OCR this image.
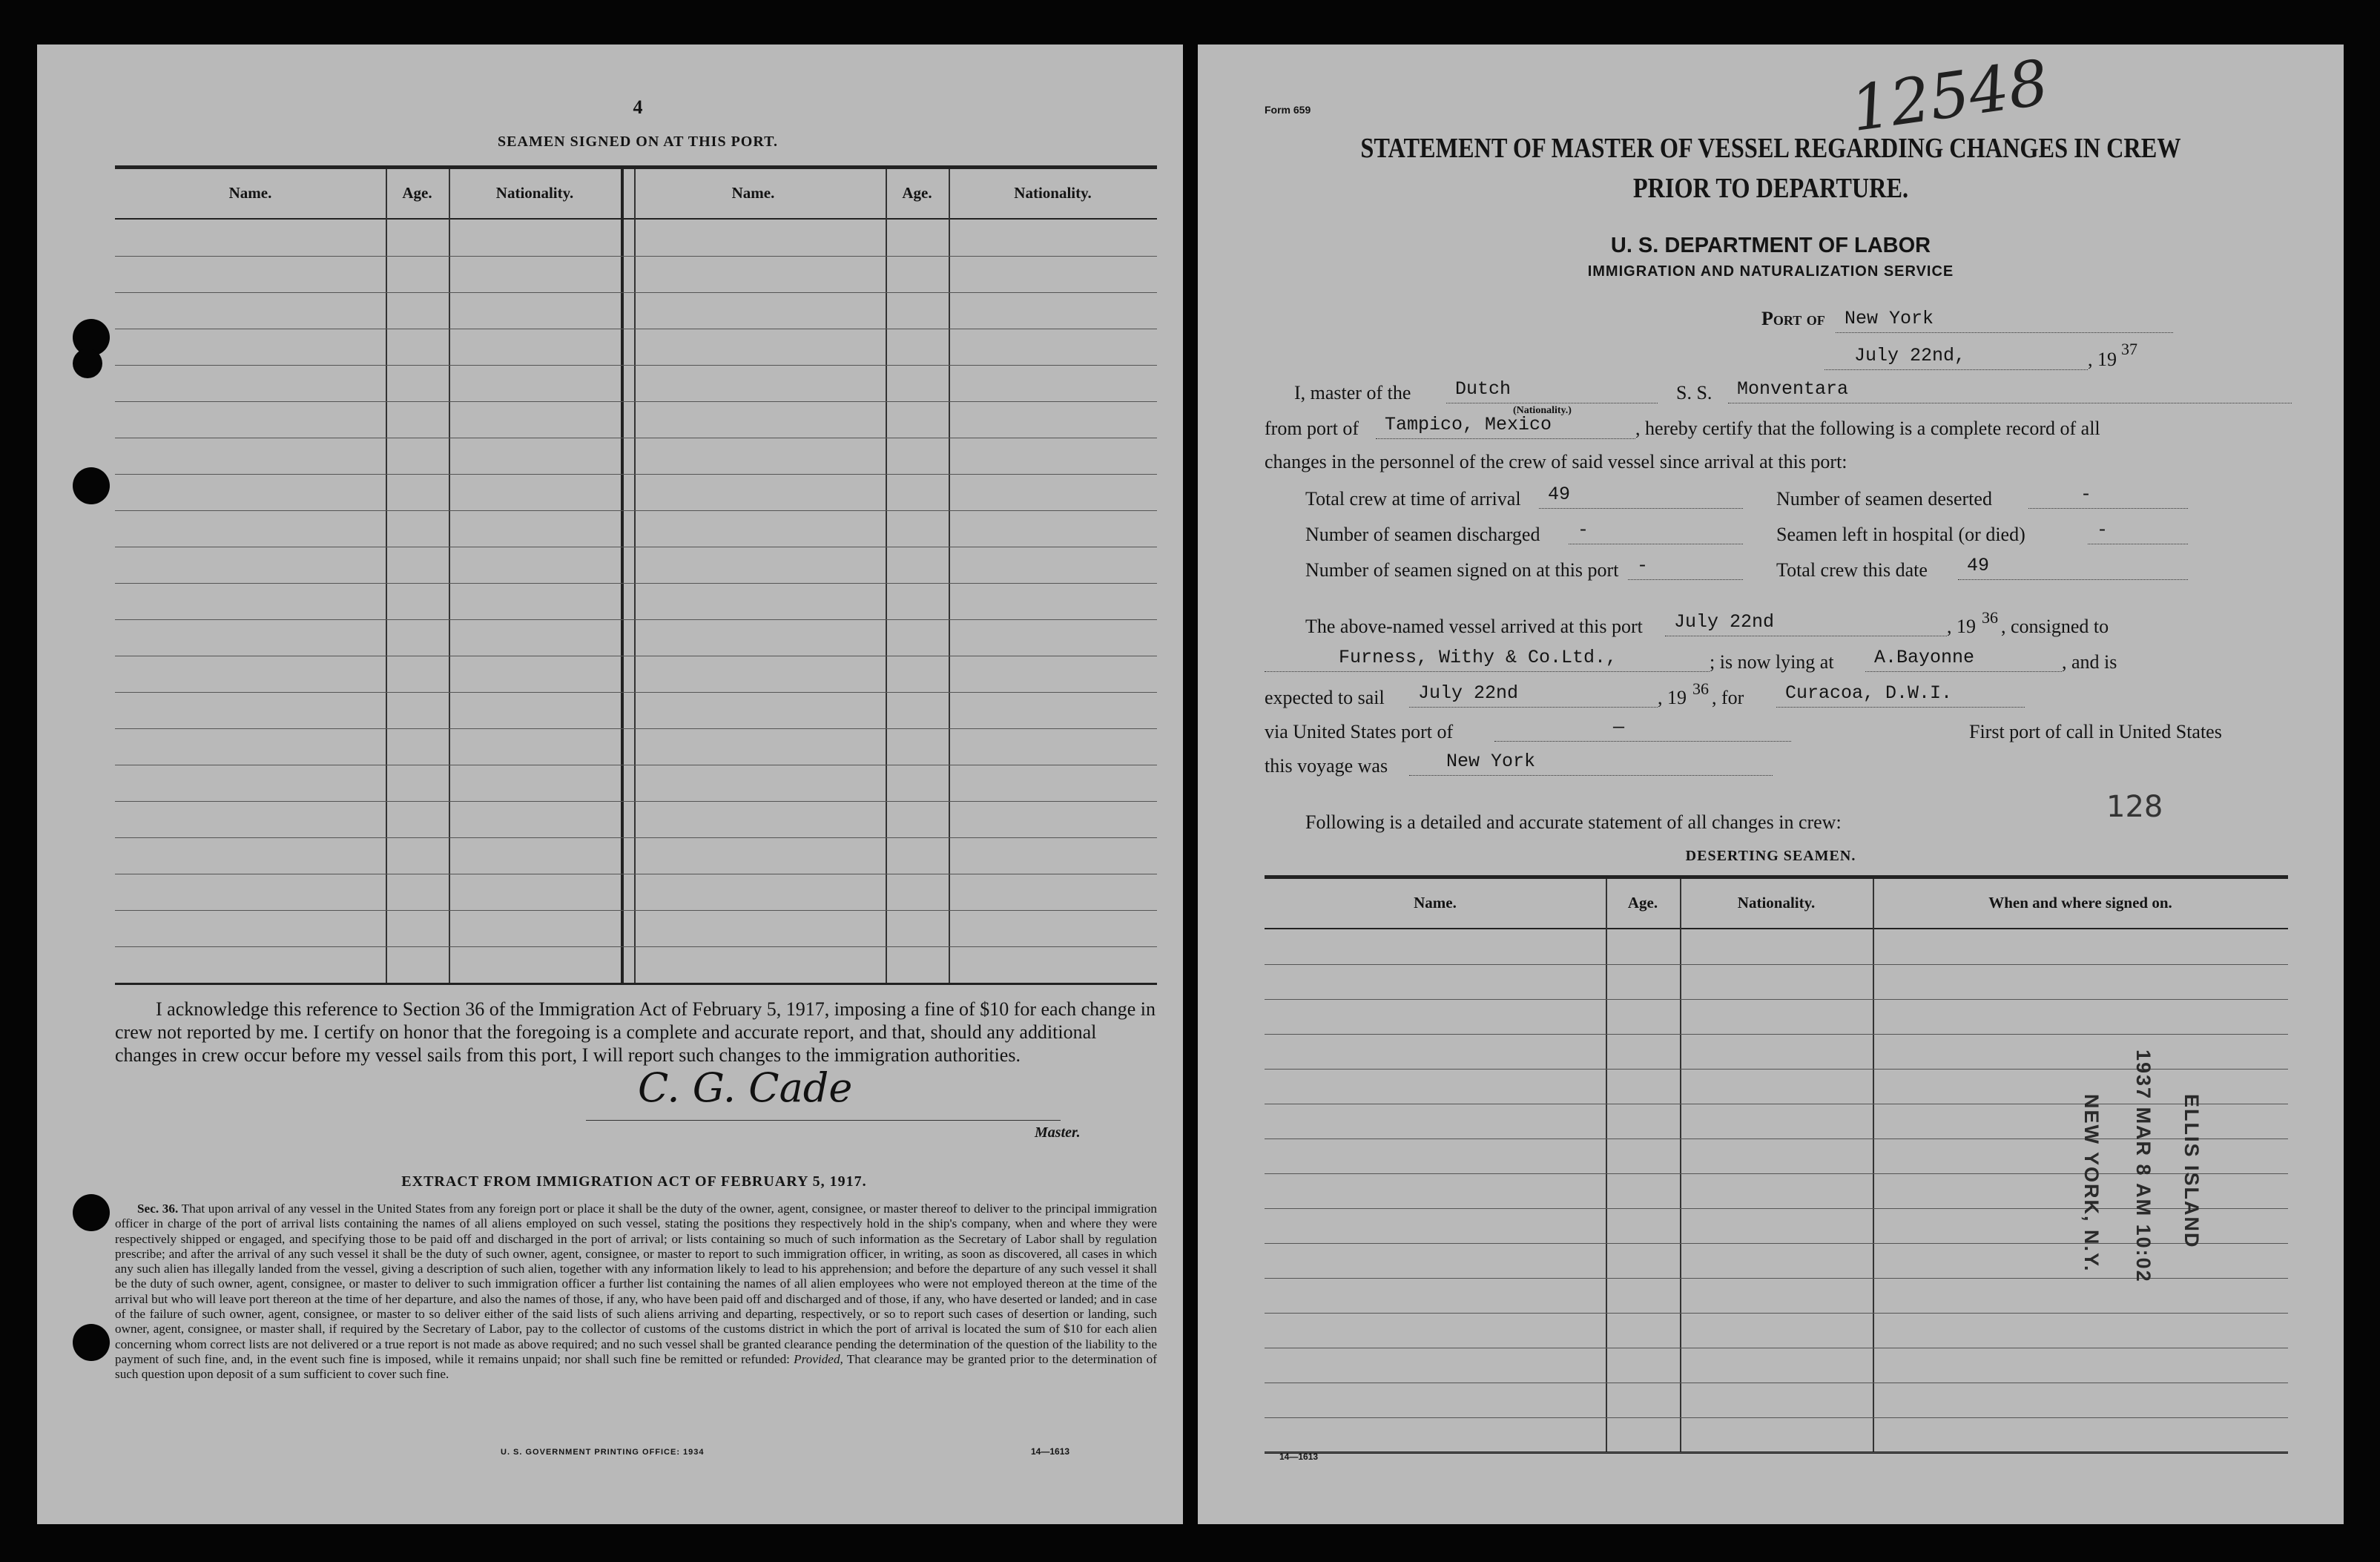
4
SEAMEN SIGNED ON AT THIS PORT.
Name.	Age.	Nationality.	Name.	Age.	Nationality.
I acknowledge this reference to Section 36 of the Immigration Act of February 5, 1917, imposing a fine of $10 for each change in crew not reported by me. I certify on honor that the foregoing is a complete and accurate report, and that, should any additional changes in crew occur before my vessel sails from this port, I will report such changes to the immigration authorities.
C. G. Cade
Master.
EXTRACT FROM IMMIGRATION ACT OF FEBRUARY 5, 1917.
Sec. 36. That upon arrival of any vessel in the United States from any foreign port or place it shall be the duty of the owner, agent, consignee, or master thereof to deliver to the principal immigration officer in charge of the port of arrival lists containing the names of all aliens employed on such vessel, stating the positions they respectively hold in the ship's company, when and where they were respectively shipped or engaged, and specifying those to be paid off and discharged in the port of arrival; or lists containing so much of such information as the Secretary of Labor shall by regulation prescribe; and after the arrival of any such vessel it shall be the duty of such owner, agent, consignee, or master to report to such immigration officer, in writing, as soon as discovered, all cases in which any such alien has illegally landed from the vessel, giving a description of such alien, together with any information likely to lead to his apprehension; and before the departure of any such vessel it shall be the duty of such owner, agent, consignee, or master to deliver to such immigration officer a further list containing the names of all alien employees who were not employed thereon at the time of the arrival but who will leave port thereon at the time of her departure, and also the names of those, if any, who have been paid off and discharged and of those, if any, who have deserted or landed; and in case of the failure of such owner, agent, consignee, or master to so deliver either of the said lists of such aliens arriving and departing, respectively, or so to report such cases of desertion or landing, such owner, agent, consignee, or master shall, if required by the Secretary of Labor, pay to the collector of customs of the customs district in which the port of arrival is located the sum of $10 for each alien concerning whom correct lists are not delivered or a true report is not made as above required; and no such vessel shall be granted clearance pending the determination of the question of the liability to the payment of such fine, and, in the event such fine is imposed, while it remains unpaid; nor shall such fine be remitted or refunded: Provided, That clearance may be granted prior to the determination of such question upon deposit of a sum sufficient to cover such fine.
U. S. GOVERNMENT PRINTING OFFICE: 1934	14—1613
Form 659	12548
STATEMENT OF MASTER OF VESSEL REGARDING CHANGES IN CREW
PRIOR TO DEPARTURE.
U. S. DEPARTMENT OF LABOR
IMMIGRATION AND NATURALIZATION SERVICE
Port of	New York
July 22nd,	, 19 37
I, master of the	Dutch
(Nationality.)
S. S.	Monventara
from port of	Tampico, Mexico	, hereby certify that the following is a complete record of all
changes in the personnel of the crew of said vessel since arrival at this port:
Total crew at time of arrival	49	Number of seamen deserted	-
Number of seamen discharged	-	Seamen left in hospital (or died)	-
Number of seamen signed on at this port -	Total crew this date	49
The above-named vessel arrived at this port	July 22nd	, 19 36 , consigned to
Furness, Withy & Co.Ltd.,	; is now lying at	A.Bayonne	, and is
expected to sail	July 22nd	, 19 36 , for	Curacoa, D.W.I.
via United States port of	—	First port of call in United States
this voyage was	New York
Following is a detailed and accurate statement of all changes in crew:	128
DESERTING SEAMEN.
Name.	Age.	Nationality.	When and where signed on.
ELLIS ISLAND
1937 MAR 8 AM 10:02
NEW YORK, N.Y.
14—1613
